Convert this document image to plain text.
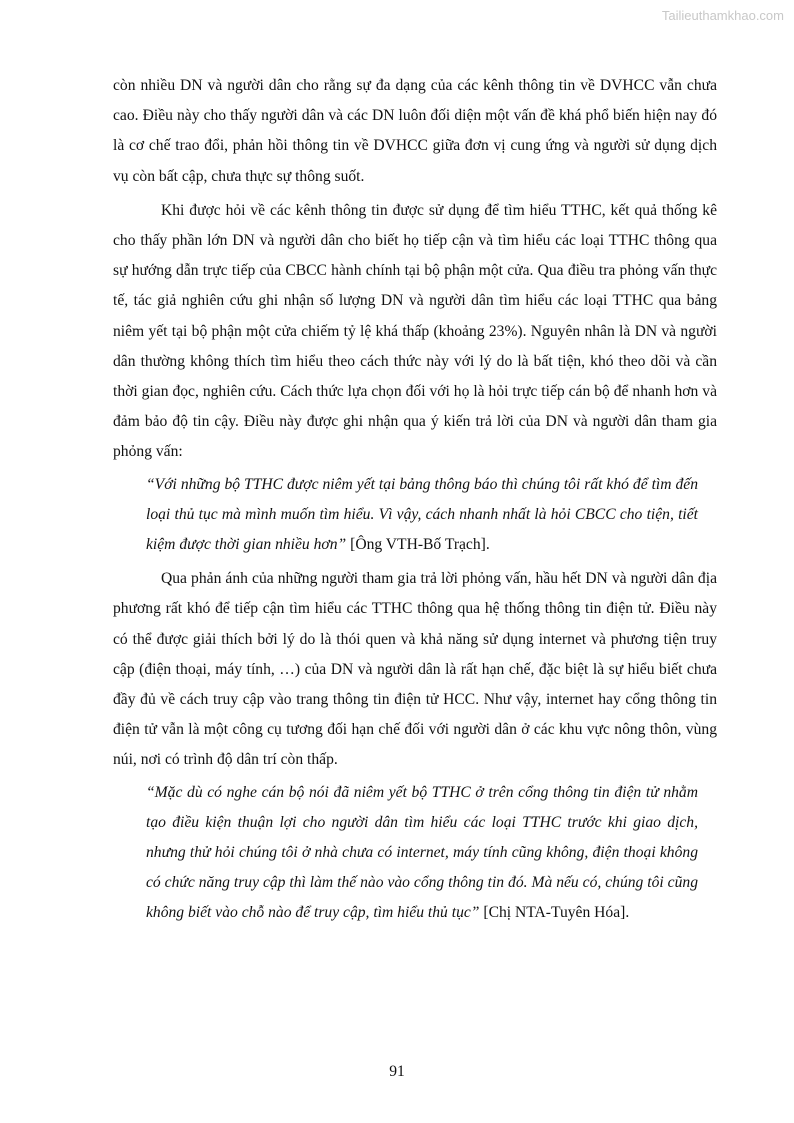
Tailieuthamkhao.com

còn nhiều DN và người dân cho rằng sự đa dạng của các kênh thông tin về DVHCC vẫn chưa cao. Điều này cho thấy người dân và các DN luôn đối diện một vấn đề khá phổ biến hiện nay đó là cơ chế trao đổi, phản hồi thông tin về DVHCC giữa đơn vị cung ứng và người sử dụng dịch vụ còn bất cập, chưa thực sự thông suốt.

Khi được hỏi về các kênh thông tin được sử dụng để tìm hiểu TTHC, kết quả thống kê cho thấy phần lớn DN và người dân cho biết họ tiếp cận và tìm hiểu các loại TTHC thông qua sự hướng dẫn trực tiếp của CBCC hành chính tại bộ phận một cửa. Qua điều tra phỏng vấn thực tế, tác giả nghiên cứu ghi nhận số lượng DN và người dân tìm hiểu các loại TTHC qua bảng niêm yết tại bộ phận một cửa chiếm tỷ lệ khá thấp (khoảng 23%). Nguyên nhân là DN và người dân thường không thích tìm hiểu theo cách thức này với lý do là bất tiện, khó theo dõi và cần thời gian đọc, nghiên cứu. Cách thức lựa chọn đối với họ là hỏi trực tiếp cán bộ để nhanh hơn và đảm bảo độ tin cậy. Điều này được ghi nhận qua ý kiến trả lời của DN và người dân tham gia phỏng vấn:

“Với những bộ TTHC được niêm yết tại bảng thông báo thì chúng tôi rất khó để tìm đến loại thủ tục mà mình muốn tìm hiểu. Vì vậy, cách nhanh nhất là hỏi CBCC cho tiện, tiết kiệm được thời gian nhiều hơn” [Ông VTH-Bố Trạch].

Qua phản ánh của những người tham gia trả lời phỏng vấn, hầu hết DN và người dân địa phương rất khó để tiếp cận tìm hiểu các TTHC thông qua hệ thống thông tin điện tử. Điều này có thể được giải thích bởi lý do là thói quen và khả năng sử dụng internet và phương tiện truy cập (điện thoại, máy tính, …) của DN và người dân là rất hạn chế, đặc biệt là sự hiểu biết chưa đầy đủ về cách truy cập vào trang thông tin điện tử HCC. Như vậy, internet hay cổng thông tin điện tử vẫn là một công cụ tương đối hạn chế đối với người dân ở các khu vực nông thôn, vùng núi, nơi có trình độ dân trí còn thấp.

“Mặc dù có nghe cán bộ nói đã niêm yết bộ TTHC ở trên cổng thông tin điện tử nhằm tạo điều kiện thuận lợi cho người dân tìm hiểu các loại TTHC trước khi giao dịch, nhưng thử hỏi chúng tôi ở nhà chưa có internet, máy tính cũng không, điện thoại không có chức năng truy cập thì làm thế nào vào cổng thông tin đó. Mà nếu có, chúng tôi cũng không biết vào chỗ nào để truy cập, tìm hiểu thủ tục” [Chị NTA-Tuyên Hóa].

91
